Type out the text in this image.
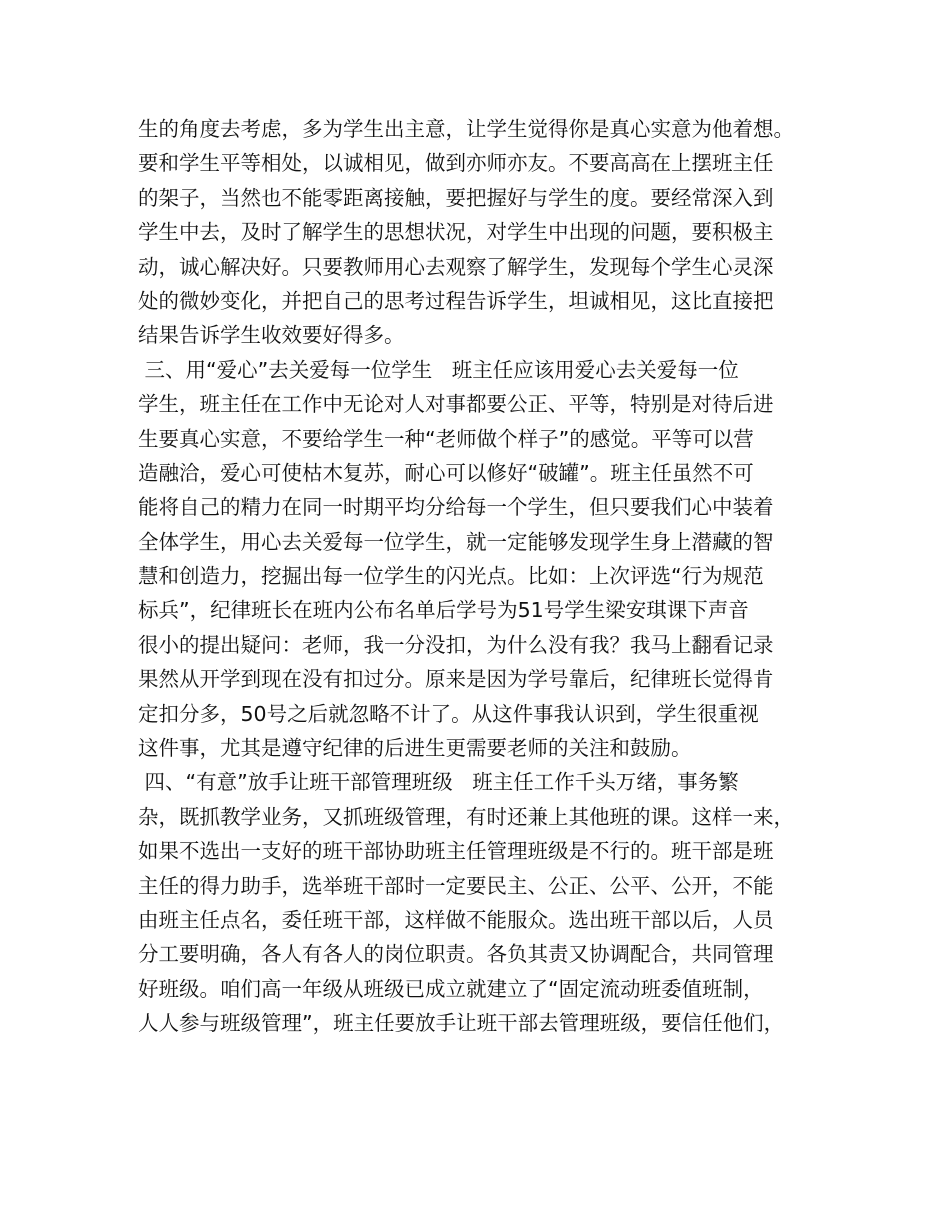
生的角度去考虑，多为学生出主意，让学生觉得你是真心实意为他着想。
要和学生平等相处，以诚相见，做到亦师亦友。不要高高在上摆班主任
的架子，当然也不能零距离接触，要把握好与学生的度。要经常深入到
学生中去，及时了解学生的思想状况，对学生中出现的问题，要积极主
动，诚心解决好。只要教师用心去观察了解学生，发现每个学生心灵深
处的微妙变化，并把自己的思考过程告诉学生，坦诚相见，这比直接把
结果告诉学生收效要好得多。
三、用“爱心”去关爱每一位学生   班主任应该用爱心去关爱每一位
学生，班主任在工作中无论对人对事都要公正、平等，特别是对待后进
生要真心实意，不要给学生一种“老师做个样子”的感觉。平等可以营
造融洽，爱心可使枯木复苏，耐心可以修好“破罐”。班主任虽然不可
能将自己的精力在同一时期平均分给每一个学生，但只要我们心中装着
全体学生，用心去关爱每一位学生，就一定能够发现学生身上潜藏的智
慧和创造力，挖掘出每一位学生的闪光点。比如：上次评选“行为规范
标兵”，纪律班长在班内公布名单后学号为51号学生梁安琪课下声音
很小的提出疑问：老师，我一分没扣，为什么没有我？我马上翻看记录
果然从开学到现在没有扣过分。原来是因为学号靠后，纪律班长觉得肯
定扣分多，50号之后就忽略不计了。从这件事我认识到，学生很重视
这件事，尤其是遵守纪律的后进生更需要老师的关注和鼓励。
四、“有意”放手让班干部管理班级   班主任工作千头万绪，事务繁
杂，既抓教学业务，又抓班级管理，有时还兼上其他班的课。这样一来，
如果不选出一支好的班干部协助班主任管理班级是不行的。班干部是班
主任的得力助手，选举班干部时一定要民主、公正、公平、公开，不能
由班主任点名，委任班干部，这样做不能服众。选出班干部以后，人员
分工要明确，各人有各人的岗位职责。各负其责又协调配合，共同管理
好班级。咱们高一年级从班级已成立就建立了“固定流动班委值班制，
人人参与班级管理”，班主任要放手让班干部去管理班级，要信任他们，
